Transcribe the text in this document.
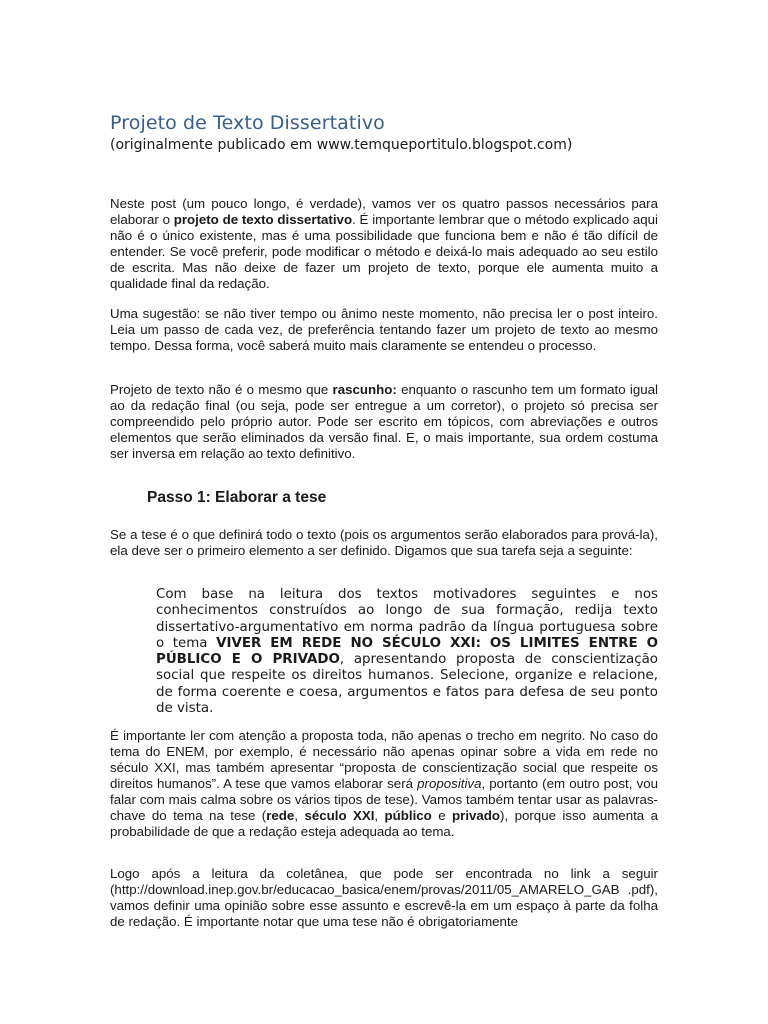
Projeto de Texto Dissertativo

(originalmente publicado em www.temqueportitulo.blogspot.com)

Neste post (um pouco longo, é verdade), vamos ver os quatro passos necessários para elaborar o projeto de texto dissertativo. É importante lembrar que o método explicado aqui não é o único existente, mas é uma possibilidade que funciona bem e não é tão difícil de entender. Se você preferir, pode modificar o método e deixá-lo mais adequado ao seu estilo de escrita. Mas não deixe de fazer um projeto de texto, porque ele aumenta muito a qualidade final da redação.

Uma sugestão: se não tiver tempo ou ânimo neste momento, não precisa ler o post inteiro. Leia um passo de cada vez, de preferência tentando fazer um projeto de texto ao mesmo tempo. Dessa forma, você saberá muito mais claramente se entendeu o processo.

Projeto de texto não é o mesmo que rascunho: enquanto o rascunho tem um formato igual ao da redação final (ou seja, pode ser entregue a um corretor), o projeto só precisa ser compreendido pelo próprio autor. Pode ser escrito em tópicos, com abreviações e outros elementos que serão eliminados da versão final. E, o mais importante, sua ordem costuma ser inversa em relação ao texto definitivo.

Passo 1: Elaborar a tese

Se a tese é o que definirá todo o texto (pois os argumentos serão elaborados para prová-la), ela deve ser o primeiro elemento a ser definido. Digamos que sua tarefa seja a seguinte:

Com base na leitura dos textos motivadores seguintes e nos conhecimentos construídos ao longo de sua formação, redija texto dissertativo-argumentativo em norma padrão da língua portuguesa sobre o tema VIVER EM REDE NO SÉCULO XXI: OS LIMITES ENTRE O PÚBLICO E O PRIVADO, apresentando proposta de conscientização social que respeite os direitos humanos. Selecione, organize e relacione, de forma coerente e coesa, argumentos e fatos para defesa de seu ponto de vista.

É importante ler com atenção a proposta toda, não apenas o trecho em negrito. No caso do tema do ENEM, por exemplo, é necessário não apenas opinar sobre a vida em rede no século XXI, mas também apresentar “proposta de conscientização social que respeite os direitos humanos”. A tese que vamos elaborar será propositiva, portanto (em outro post, vou falar com mais calma sobre os vários tipos de tese). Vamos também tentar usar as palavras-chave do tema na tese (rede, século XXI, público e privado), porque isso aumenta a probabilidade de que a redação esteja adequada ao tema.

Logo após a leitura da coletânea, que pode ser encontrada no link a seguir (http://download.inep.gov.br/educacao_basica/enem/provas/2011/05_AMARELO_GAB .pdf), vamos definir uma opinião sobre esse assunto e escrevê-la em um espaço à parte da folha de redação. É importante notar que uma tese não é obrigatoriamente
